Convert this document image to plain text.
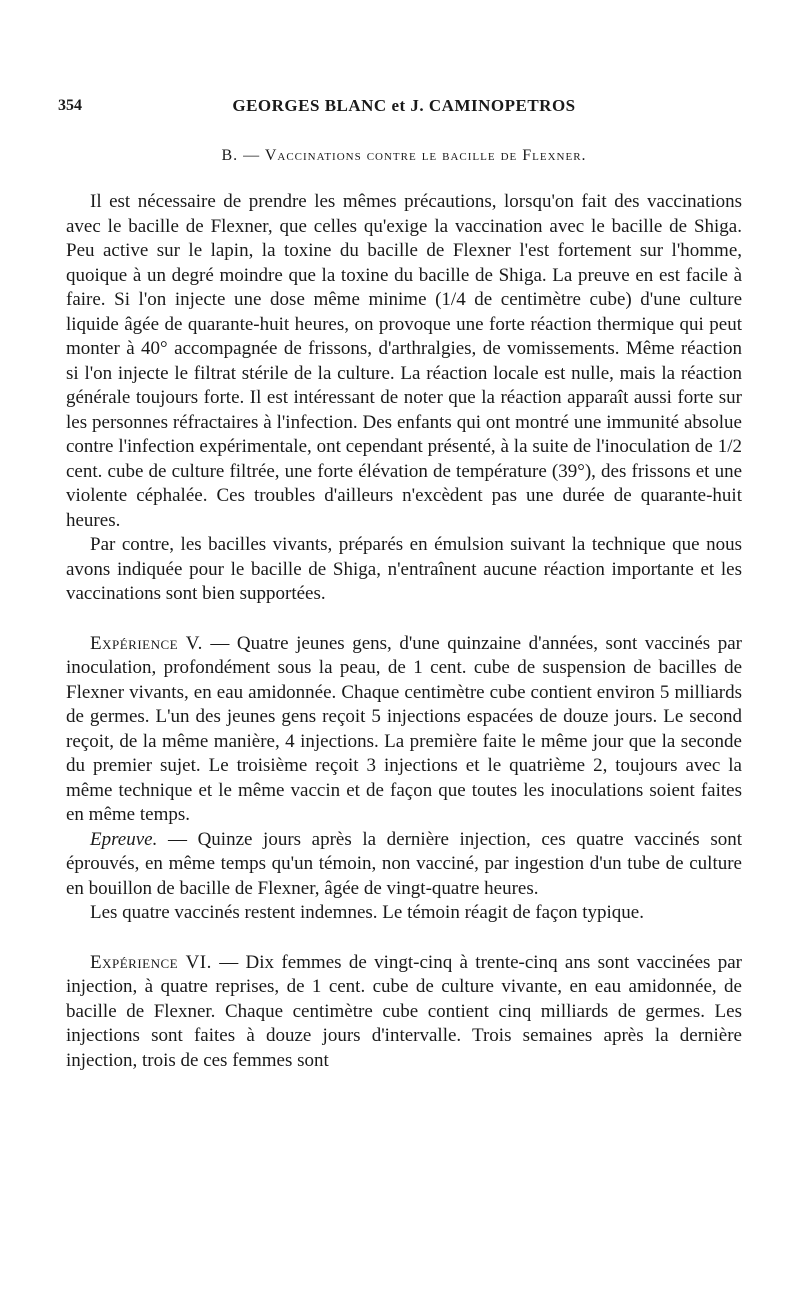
354	GEORGES BLANC et J. CAMINOPETROS
B. — Vaccinations contre le bacille de Flexner.

Il est nécessaire de prendre les mêmes précautions, lorsqu'on fait des vaccinations avec le bacille de Flexner, que celles qu'exige la vaccination avec le bacille de Shiga. Peu active sur le lapin, la toxine du bacille de Flexner l'est fortement sur l'homme, quoique à un degré moindre que la toxine du bacille de Shiga. La preuve en est facile à faire. Si l'on injecte une dose même minime (1/4 de centimètre cube) d'une culture liquide âgée de quarante-huit heures, on provoque une forte réaction thermique qui peut monter à 40° accompagnée de frissons, d'arthralgies, de vomissements. Même réaction si l'on injecte le filtrat stérile de la culture. La réaction locale est nulle, mais la réaction générale toujours forte. Il est intéressant de noter que la réaction apparaît aussi forte sur les personnes réfractaires à l'infection. Des enfants qui ont montré une immunité absolue contre l'infection expérimentale, ont cependant présenté, à la suite de l'inoculation de 1/2 cent. cube de culture filtrée, une forte élévation de température (39°), des frissons et une violente céphalée. Ces troubles d'ailleurs n'excèdent pas une durée de quarante-huit heures.

Par contre, les bacilles vivants, préparés en émulsion suivant la technique que nous avons indiquée pour le bacille de Shiga, n'entraînent aucune réaction importante et les vaccinations sont bien supportées.

Expérience V. — Quatre jeunes gens, d'une quinzaine d'années, sont vaccinés par inoculation, profondément sous la peau, de 1 cent. cube de suspension de bacilles de Flexner vivants, en eau amidonnée. Chaque centimètre cube contient environ 5 milliards de germes. L'un des jeunes gens reçoit 5 injections espacées de douze jours. Le second reçoit, de la même manière, 4 injections. La première faite le même jour que la seconde du premier sujet. Le troisième reçoit 3 injections et le quatrième 2, toujours avec la même technique et le même vaccin et de façon que toutes les inoculations soient faites en même temps.

Epreuve. — Quinze jours après la dernière injection, ces quatre vaccinés sont éprouvés, en même temps qu'un témoin, non vacciné, par ingestion d'un tube de culture en bouillon de bacille de Flexner, âgée de vingt-quatre heures.

Les quatre vaccinés restent indemnes. Le témoin réagit de façon typique.

Expérience VI. — Dix femmes de vingt-cinq à trente-cinq ans sont vaccinées par injection, à quatre reprises, de 1 cent. cube de culture vivante, en eau amidonnée, de bacille de Flexner. Chaque centimètre cube contient cinq milliards de germes. Les injections sont faites à douze jours d'intervalle. Trois semaines après la dernière injection, trois de ces femmes sont
